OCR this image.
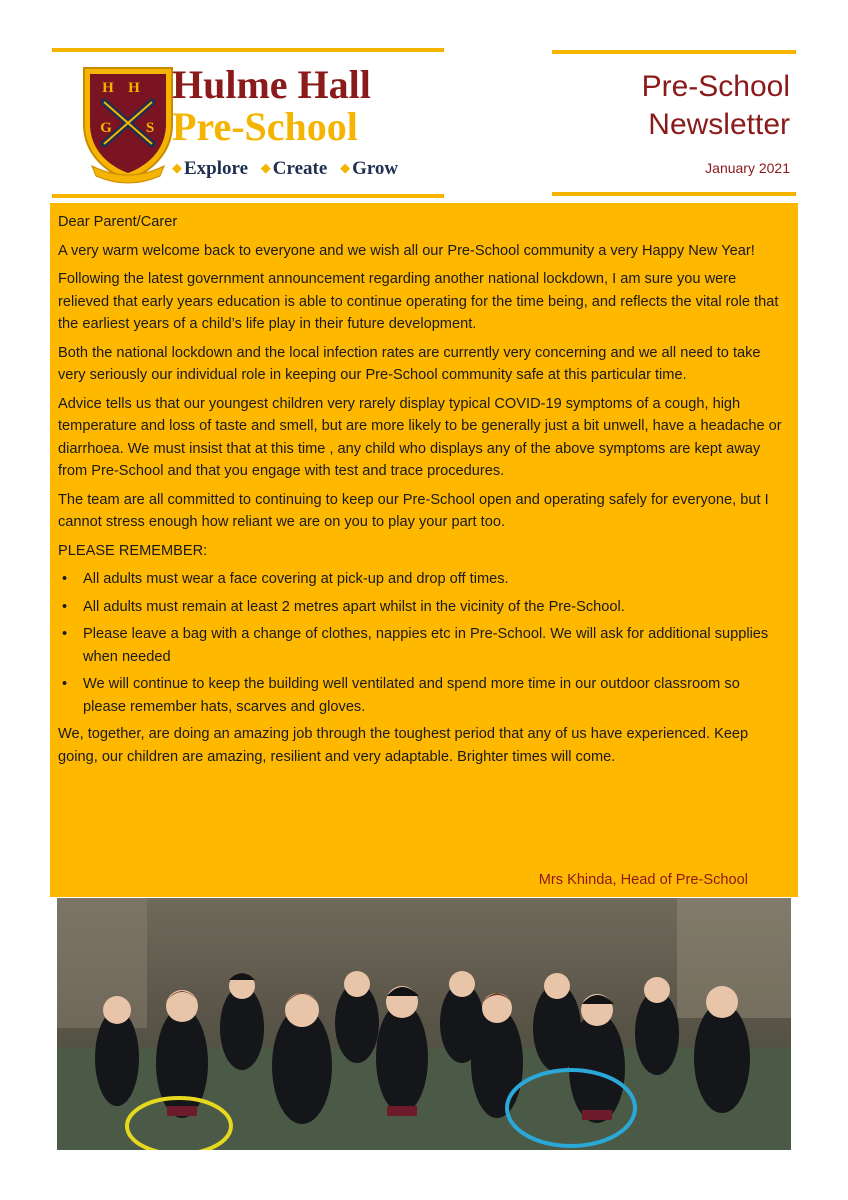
H H
G S
Hulme Hall
Pre-School
◆ Explore ◆ Create ◆ Grow
Pre-School
Newsletter
January 2021

Dear Parent/Carer

A very warm welcome back to everyone and we wish all our Pre-School community a very Happy New Year!

Following the latest government announcement regarding another national lockdown, I am sure you were relieved that early years education is able to continue operating for the time being, and reflects the vital role that the earliest years of a child’s life play in their future development.

Both the national lockdown and the local infection rates are currently very concerning and we all need to take very seriously our individual role in keeping our Pre-School community safe at this particular time.

Advice tells us that our youngest children very rarely display typical COVID-19 symptoms of a cough, high temperature and loss of taste and smell, but are more likely to be generally just a bit unwell, have a headache or diarrhoea. We must insist that at this time , any child who displays any of the above symptoms are kept away from Pre-School and that you engage with test and trace procedures.

The team are all committed to continuing to keep our Pre-School open and operating safely for everyone, but I cannot stress enough how reliant we are on you to play your part too.

PLEASE REMEMBER:

• All adults must wear a face covering at pick-up and drop off times.
• All adults must remain at least 2 metres apart whilst in the vicinity of the Pre-School.
• Please leave a bag with a change of clothes, nappies etc in Pre-School. We will ask for additional supplies when needed
• We will continue to keep the building well ventilated and spend more time in our outdoor classroom so please remember hats, scarves and gloves.

We, together, are doing an amazing job through the toughest period that any of us have experienced. Keep going, our children are amazing, resilient and very adaptable. Brighter times will come.

Mrs Khinda, Head of Pre-School
